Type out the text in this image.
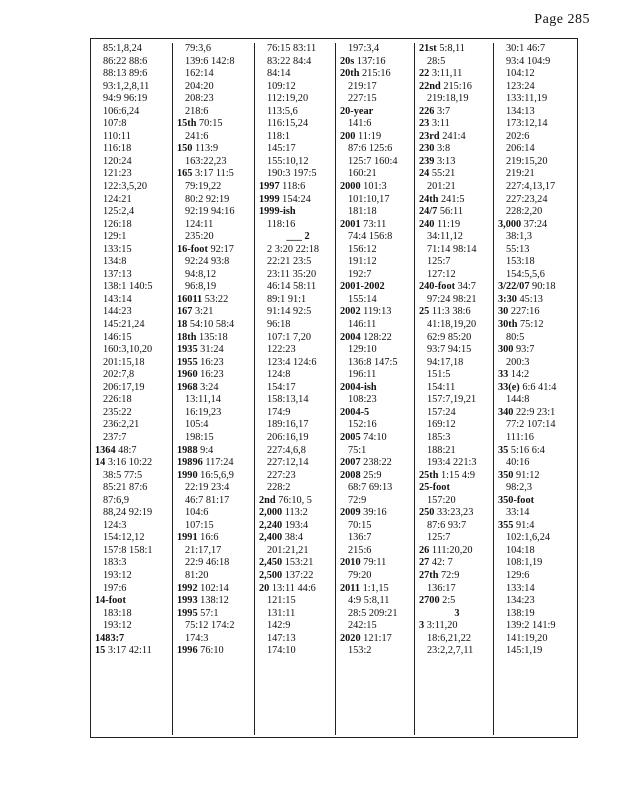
Page 285
85:1,8,24
86:22 88:6
88:13 89:6
93:1,2,8,11
94:9 96:19
106:6,24
107:8
110:11
116:18
120:24
121:23
122:3,5,20
124:21
125:2,4
126:18
129:1
133:15
134:8
137:13
138:1 140:5
143:14
144:23
145:21,24
146:15
160:3,10,20
201:15,18
202:7,8
206:17,19
226:18
235:22
236:2,21
237:7
1364 48:7
14 3:16 10:22
38:5 77:5
85:21 87:6
87:6,9
88,24 92:19
124:3
154:12,12
157:8 158:1
183:3
193:12
197:6
14-foot
183:18
193:12
1483:7
15 3:17 42:11
79:3,6
139:6 142:8
162:14
204:20
208:23
218:6
15th 70:15
241:6
150 113:9
163:22,23
165 3:17 11:5
79:19,22
80:2 92:19
92:19 94:16
124:11
235:20
16-foot 92:17
92:24 93:8
94:8,12
96:8,19
16011 53:22
167 3:21
18 54:10 58:4
18th 135:18
1935 31:24
1955 16:23
1960 16:23
1968 3:24
13:11,14
16:19,23
105:4
198:15
1988 9:4
19896 117:24
1990 16:5,6,9
22:19 23:4
46:7 81:17
104:6
107:15
1991 16:6
21:17,17
22:9 46:18
81:20
1992 102:14
1993 138:12
1995 57:1
75:12 174:2
174:3
1996 76:10
76:15 83:11
83:22 84:4
84:14
109:12
112:19,20
113:5,6
116:15,24
118:1
145:17
155:10,12
190:3 197:5
1997 118:6
1999 154:24
1999-ish
118:16
___ 2
2 3:20 22:18
22:21 23:5
23:11 35:20
46:14 58:11
89:1 91:1
91:14 92:5
96:18
107:1 7,20
122:23
123:4 124:6
124:8
154:17
158:13,14
174:9
189:16,17
206:16,19
227:4,6,8
227:12,14
227:23
228:2
2nd 76:10, 5
2,000 113:2
2,240 193:4
2,400 38:4
201:21,21
2,450 153:21
2,500 137:22
20 13:11 44:6
121:15
131:11
142:9
147:13
174:10
197:3,4
20s 137:16
20th 215:16
219:17
227:15
20-year
141:6
200 11:19
87:6 125:6
125:7 160:4
160:21
2000 101:3
101:10,17
181:18
2001 73:11
74:4 156:8
156:12
191:12
192:7
2001-2002
155:14
2002 119:13
146:11
2004 128:22
129:10
136:8 147:5
196:11
2004-ish
108:23
2004-5
152:16
2005 74:10
75:1
2007 238:22
2008 25:9
68:7 69:13
72:9
2009 39:16
70:15
136:7
215:6
2010 79:11
79:20
2011 1:1,15
4:9 5:8,11
28:5 209:21
242:15
2020 121:17
153:2
21st 5:8,11
28:5
22 3:11,11
22nd 215:16
219:18,19
226 3:7
23 3:11
23rd 241:4
230 3:8
239 3:13
24 55:21
201:21
24th 241:5
24/7 56:11
240 11:19
34:11,12
71:14 98:14
125:7
127:12
240-foot 34:7
97:24 98:21
25 11:3 38:6
41:18,19,20
62:9 85:20
93:7 94:15
94:17,18
151:5
154:11
157:7,19,21
157:24
169:12
185:3
188:21
193:4 221:3
25th 1:15 4:9
25-foot
157:20
250 33:23,23
87:6 93:7
125:7
26 111:20,20
27 42: 7
27th 72:9
136:17
2700 2:5
3
3 3:11,20
18:6,21,22
23:2,2,7,11
30:1 46:7
93:4 104:9
104:12
123:24
133:11,19
134:13
173:12,14
202:6
206:14
219:15,20
219:21
227:4,13,17
227:23,24
228:2,20
3,000 37:24
38:1,3
55:13
153:18
154:5,5,6
3/22/07 90:18
3:30 45:13
30 227:16
30th 75:12
80:5
300 93:7
200:3
33 14:2
33(e) 6:6 41:4
144:8
340 22:9 23:1
77:2 107:14
111:16
35 5:16 6:4
40:16
350 91:12
98:2,3
350-foot
33:14
355 91:4
102:1,6,24
104:18
108:1,19
129:6
133:14
134:23
138:19
139:2 141:9
141:19,20
145:1,19
